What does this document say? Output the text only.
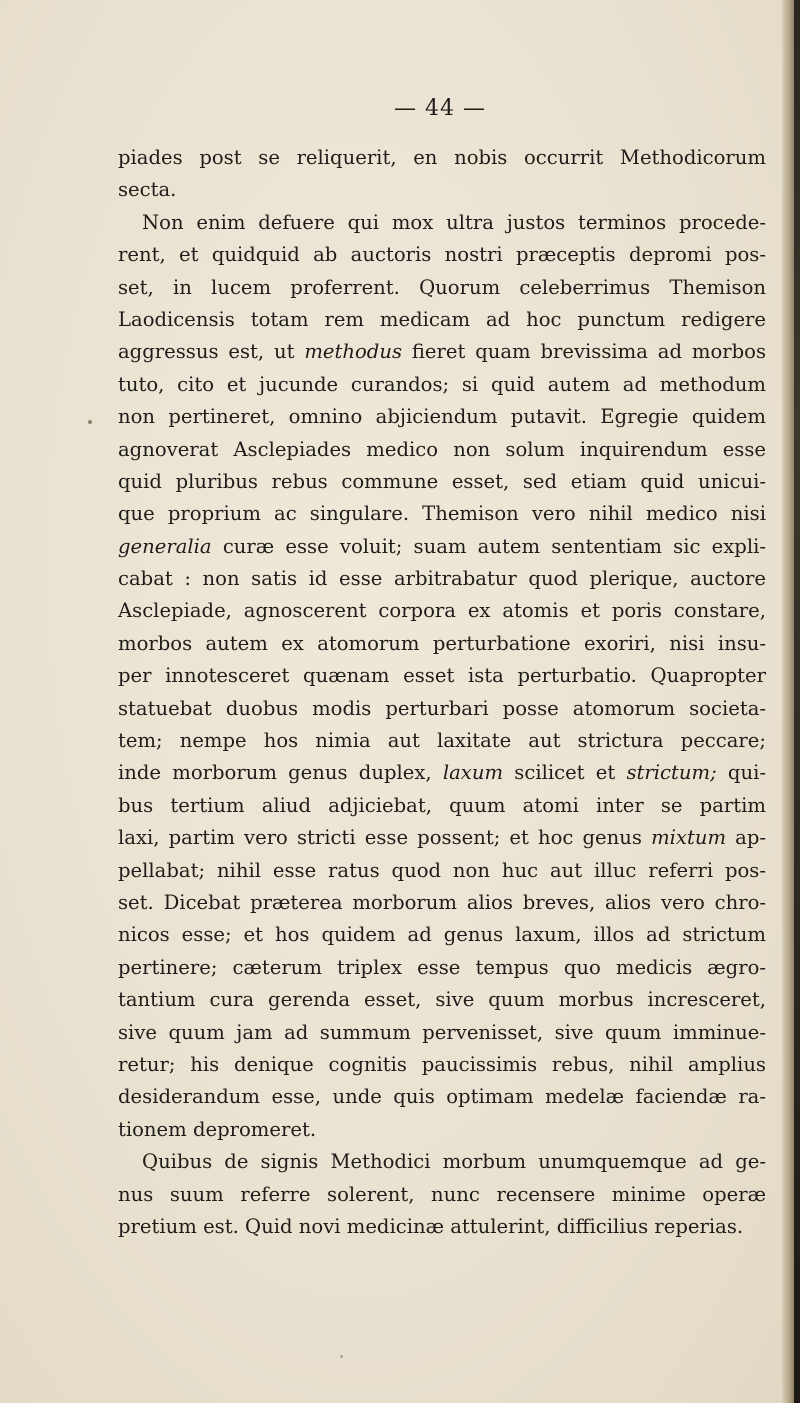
— 44 —
piades post se reliquerit, en nobis occurrit Methodicorum
secta.
Non enim defuere qui mox ultra justos terminos procede-
rent, et quidquid ab auctoris nostri præceptis depromi pos-
set, in lucem proferrent. Quorum celeberrimus Themison
Laodicensis totam rem medicam ad hoc punctum redigere
aggressus est, ut methodus fieret quam brevissima ad morbos
tuto, cito et jucunde curandos; si quid autem ad methodum
non pertineret, omnino abjiciendum putavit. Egregie quidem
agnoverat Asclepiades medico non solum inquirendum esse
quid pluribus rebus commune esset, sed etiam quid unicui-
que proprium ac singulare. Themison vero nihil medico nisi
generalia curæ esse voluit; suam autem sententiam sic expli-
cabat : non satis id esse arbitrabatur quod plerique, auctore
Asclepiade, agnoscerent corpora ex atomis et poris constare,
morbos autem ex atomorum perturbatione exoriri, nisi insu-
per innotesceret quænam esset ista perturbatio. Quapropter
statuebat duobus modis perturbari posse atomorum societa-
tem; nempe hos nimia aut laxitate aut strictura peccare;
inde morborum genus duplex, laxum scilicet et strictum; qui-
bus tertium aliud adjiciebat, quum atomi inter se partim
laxi, partim vero stricti esse possent; et hoc genus mixtum ap-
pellabat; nihil esse ratus quod non huc aut illuc referri pos-
set. Dicebat præterea morborum alios breves, alios vero chro-
nicos esse; et hos quidem ad genus laxum, illos ad strictum
pertinere; cæterum triplex esse tempus quo medicis ægro-
tantium cura gerenda esset, sive quum morbus incresceret,
sive quum jam ad summum pervenisset, sive quum imminue-
retur; his denique cognitis paucissimis rebus, nihil amplius
desiderandum esse, unde quis optimam medelæ faciendæ ra-
tionem depromeret.
Quibus de signis Methodici morbum unumquemque ad ge-
nus suum referre solerent, nunc recensere minime operæ
pretium est. Quid novi medicinæ attulerint, difficilius reperias.
